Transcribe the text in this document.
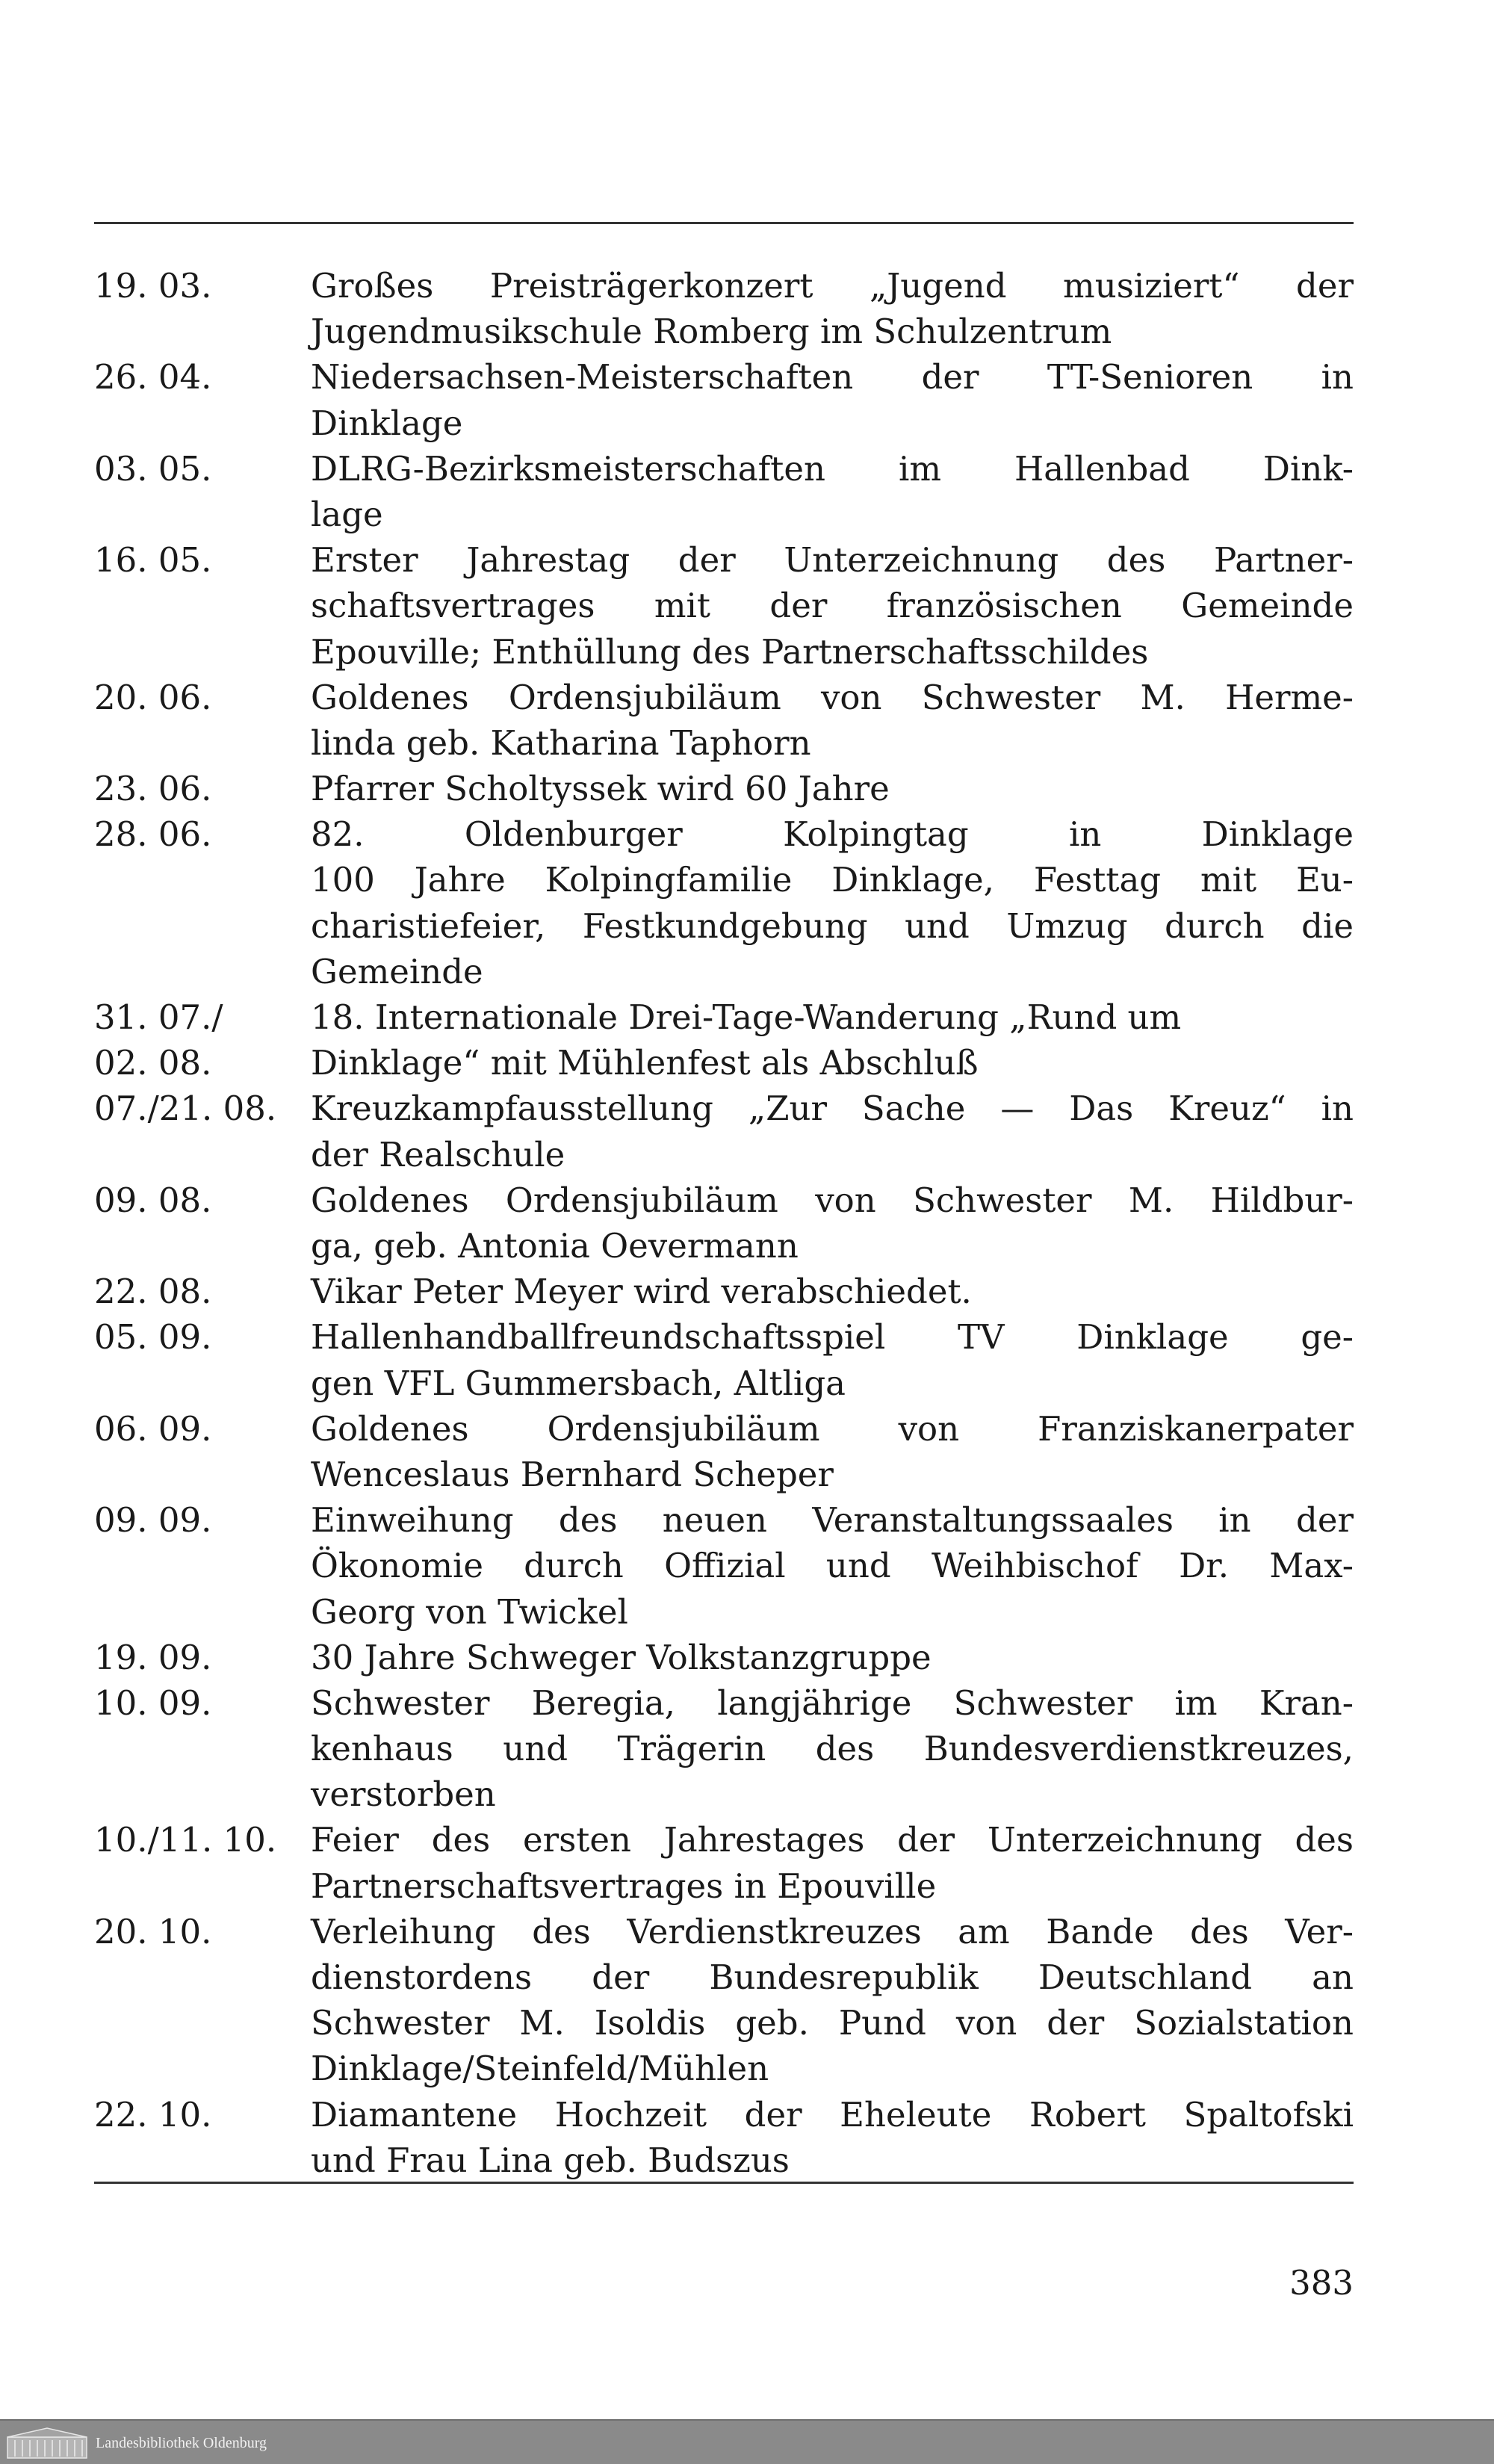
19. 03.	Großes Preisträgerkonzert „Jugend musiziert“ der
Jugendmusikschule Romberg im Schulzentrum
26. 04.	Niedersachsen-Meisterschaften der TT-Senioren in
Dinklage
03. 05.	DLRG-Bezirksmeisterschaften im Hallenbad Dink-
lage
16. 05.	Erster Jahrestag der Unterzeichnung des Partner-
schaftsvertrages mit der französischen Gemeinde
Epouville; Enthüllung des Partnerschaftsschildes
20. 06.	Goldenes Ordensjubiläum von Schwester M. Herme-
linda geb. Katharina Taphorn
23. 06.	Pfarrer Scholtyssek wird 60 Jahre
28. 06.	82. Oldenburger Kolpingtag in Dinklage
100 Jahre Kolpingfamilie Dinklage, Festtag mit Eu-
charistiefeier, Festkundgebung und Umzug durch die
Gemeinde
31. 07./	18. Internationale Drei-Tage-Wanderung „Rund um
02. 08.	Dinklage“ mit Mühlenfest als Abschluß
07./21. 08.	Kreuzkampfausstellung „Zur Sache — Das Kreuz“ in
der Realschule
09. 08.	Goldenes Ordensjubiläum von Schwester M. Hildbur-
ga, geb. Antonia Oevermann
22. 08.	Vikar Peter Meyer wird verabschiedet.
05. 09.	Hallenhandballfreundschaftsspiel TV Dinklage ge-
gen VFL Gummersbach, Altliga
06. 09.	Goldenes Ordensjubiläum von Franziskanerpater
Wenceslaus Bernhard Scheper
09. 09.	Einweihung des neuen Veranstaltungssaales in der
Ökonomie durch Offizial und Weihbischof Dr. Max-
Georg von Twickel
19. 09.	30 Jahre Schweger Volkstanzgruppe
10. 09.	Schwester Beregia, langjährige Schwester im Kran-
kenhaus und Trägerin des Bundesverdienstkreuzes,
verstorben
10./11. 10.	Feier des ersten Jahrestages der Unterzeichnung des
Partnerschaftsvertrages in Epouville
20. 10.	Verleihung des Verdienstkreuzes am Bande des Ver-
dienstordens der Bundesrepublik Deutschland an
Schwester M. Isoldis geb. Pund von der Sozialstation
Dinklage/Steinfeld/Mühlen
22. 10.	Diamantene Hochzeit der Eheleute Robert Spaltofski
und Frau Lina geb. Budszus
383
Landesbibliothek Oldenburg
